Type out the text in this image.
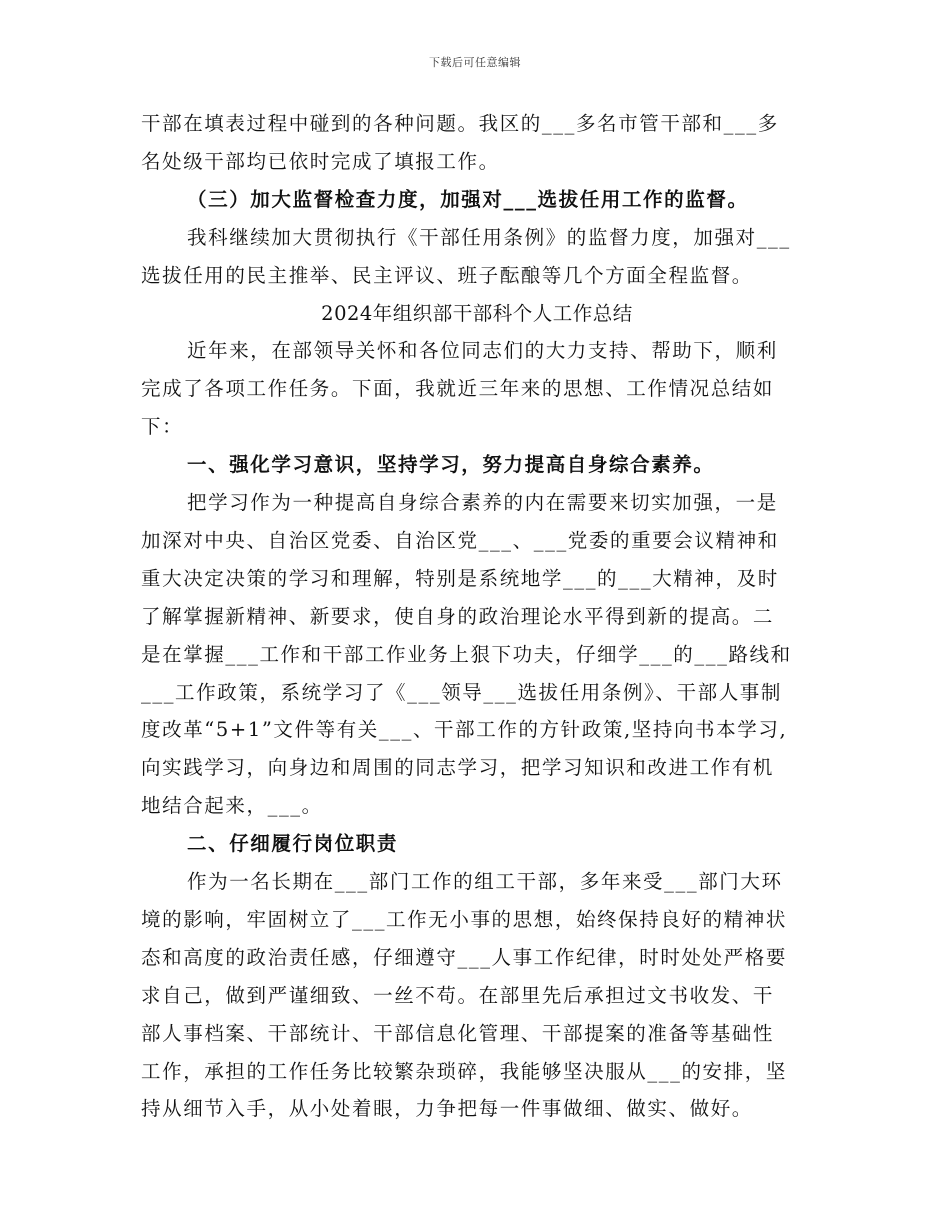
下载后可任意编辑
干部在填表过程中碰到的各种问题。我区的___多名市管干部和___多
名处级干部均已依时完成了填报工作。
（三）加大监督检查力度，加强对___选拔任用工作的监督。
我科继续加大贯彻执行《干部任用条例》的监督力度，加强对___
选拔任用的民主推举、民主评议、班子酝酿等几个方面全程监督。
2024年组织部干部科个人工作总结
近年来，在部领导关怀和各位同志们的大力支持、帮助下，顺利
完成了各项工作任务。下面，我就近三年来的思想、工作情况总结如
下：
一、强化学习意识，坚持学习，努力提高自身综合素养。
把学习作为一种提高自身综合素养的内在需要来切实加强，一是
加深对中央、自治区党委、自治区党___、___党委的重要会议精神和
重大决定决策的学习和理解，特别是系统地学___的___大精神，及时
了解掌握新精神、新要求，使自身的政治理论水平得到新的提高。二
是在掌握___工作和干部工作业务上狠下功夫，仔细学___的___路线和
___工作政策，系统学习了《___领导___选拔任用条例》、干部人事制
度改革“5+1”文件等有关___、干部工作的方针政策,坚持向书本学习,
向实践学习，向身边和周围的同志学习，把学习知识和改进工作有机
地结合起来，___。
二、仔细履行岗位职责
作为一名长期在___部门工作的组工干部，多年来受___部门大环
境的影响，牢固树立了___工作无小事的思想，始终保持良好的精神状
态和高度的政治责任感，仔细遵守___人事工作纪律，时时处处严格要
求自己，做到严谨细致、一丝不苟。在部里先后承担过文书收发、干
部人事档案、干部统计、干部信息化管理、干部提案的准备等基础性
工作，承担的工作任务比较繁杂琐碎，我能够坚决服从___的安排，坚
持从细节入手，从小处着眼，力争把每一件事做细、做实、做好。
